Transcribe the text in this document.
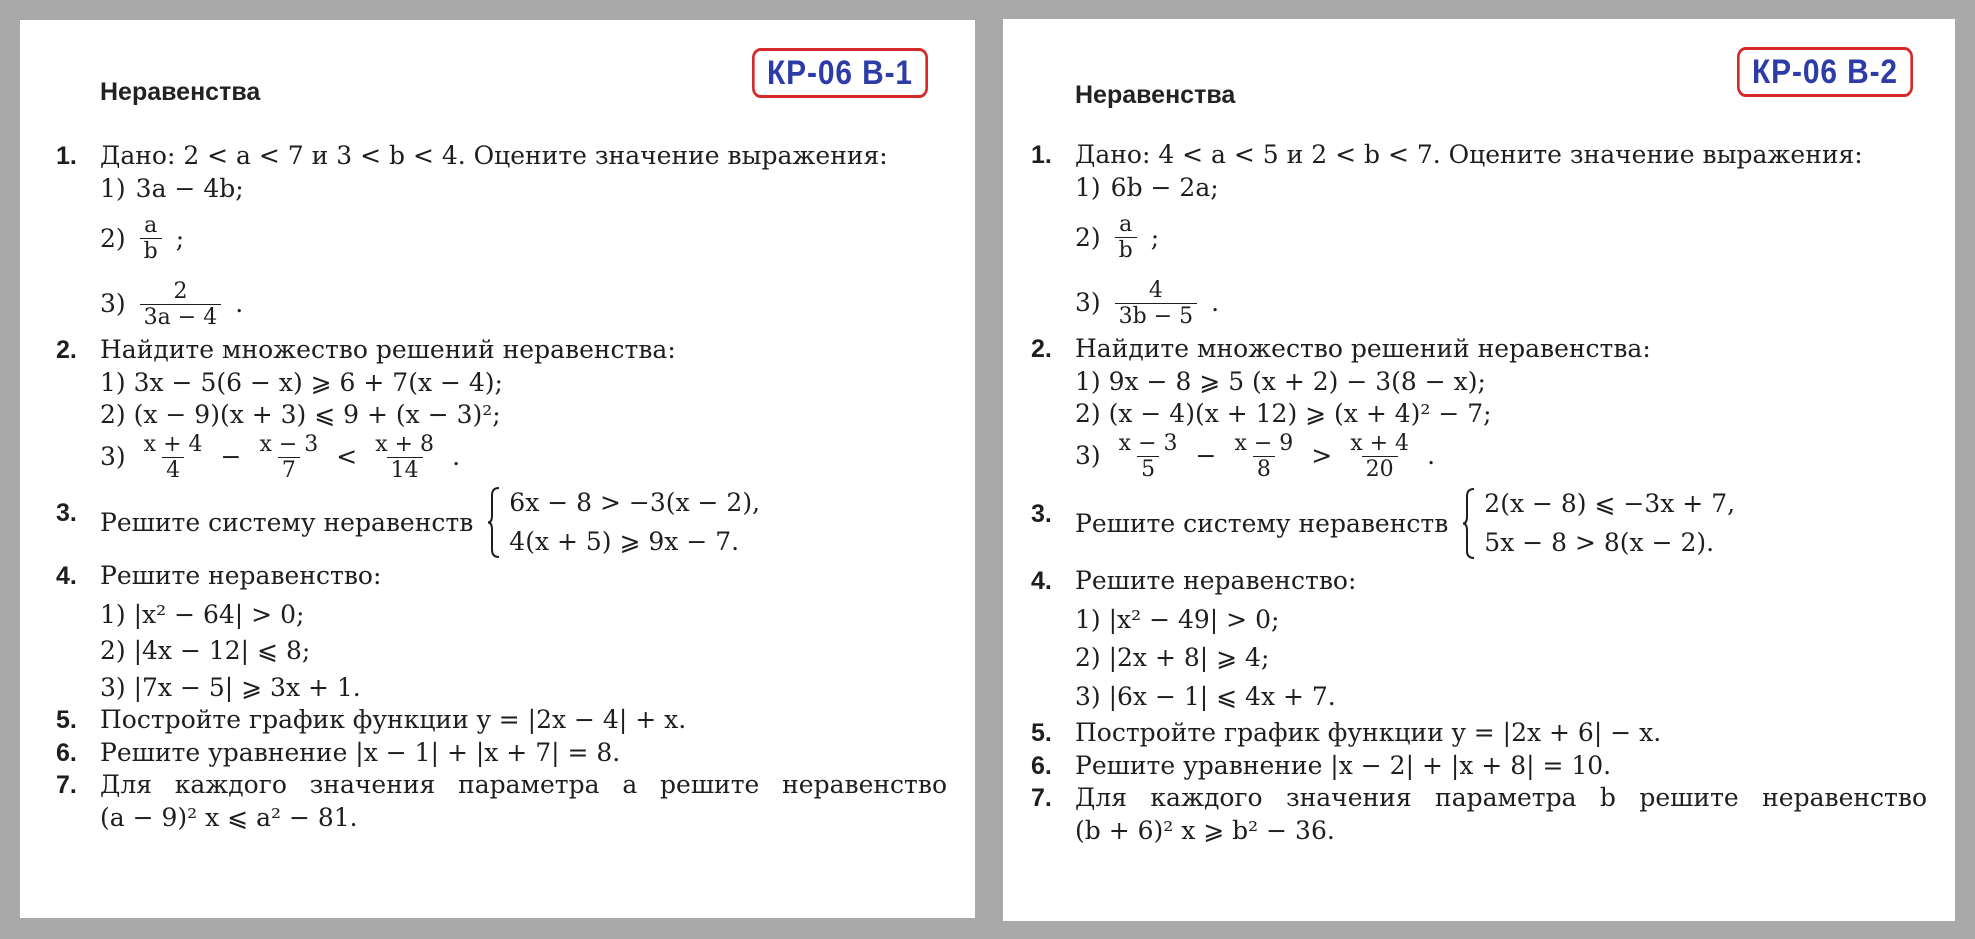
Неравенства
КР-06 В-1
1. Дано: 2 < a < 7 и 3 < b < 4. Оцените значение выражения:
1) 3a − 4b;
$2) \frac{a}{b}$ ;
$3) \frac{2}{3a - 4}$ .
2. Найдите множество решений неравенства:
1) 3x − 5(6 − x) ⩾ 6 + 7(x − 4);
2) (x − 9)(x + 3) ⩽ 9 + (x − 3)²;
$3) \frac{x + 4}{4} - \frac{x - 3}{7} < \frac{x + 8}{14}$ .
3. Решите систему неравенств
6x − 8 > −3(x − 2),
4(x + 5) ⩾ 9x − 7.
4. Решите неравенство:
1) |x² − 64| > 0;
2) |4x − 12| ⩽ 8;
3) |7x − 5| ⩾ 3x + 1.
5. Постройте график функции y = |2x − 4| + x.
6. Решите уравнение |x − 1| + |x + 7| = 8.
7. Для каждого значения параметра a решите неравенство
(a − 9)² x ⩽ a² − 81.
Неравенства
КР-06 В-2
1. Дано: 4 < a < 5 и 2 < b < 7. Оцените значение выражения:
1) 6b − 2a;
$2) \frac{a}{b}$ ;
$3) \frac{4}{3b - 5}$ .
2. Найдите множество решений неравенства:
1) 9x − 8 ⩾ 5 (x + 2) − 3(8 − x);
2) (x − 4)(x + 12) ⩾ (x + 4)² − 7;
$3) \frac{x - 3}{5} - \frac{x - 9}{8} > \frac{x + 4}{20}$ .
3. Решите систему неравенств
2(x − 8) ⩽ −3x + 7,
5x − 8 > 8(x − 2).
4. Решите неравенство:
1) |x² − 49| > 0;
2) |2x + 8| ⩾ 4;
3) |6x − 1| ⩽ 4x + 7.
5. Постройте график функции y = |2x + 6| − x.
6. Решите уравнение |x − 2| + |x + 8| = 10.
7. Для каждого значения параметра b решите неравенство
(b + 6)² x ⩾ b² − 36.
